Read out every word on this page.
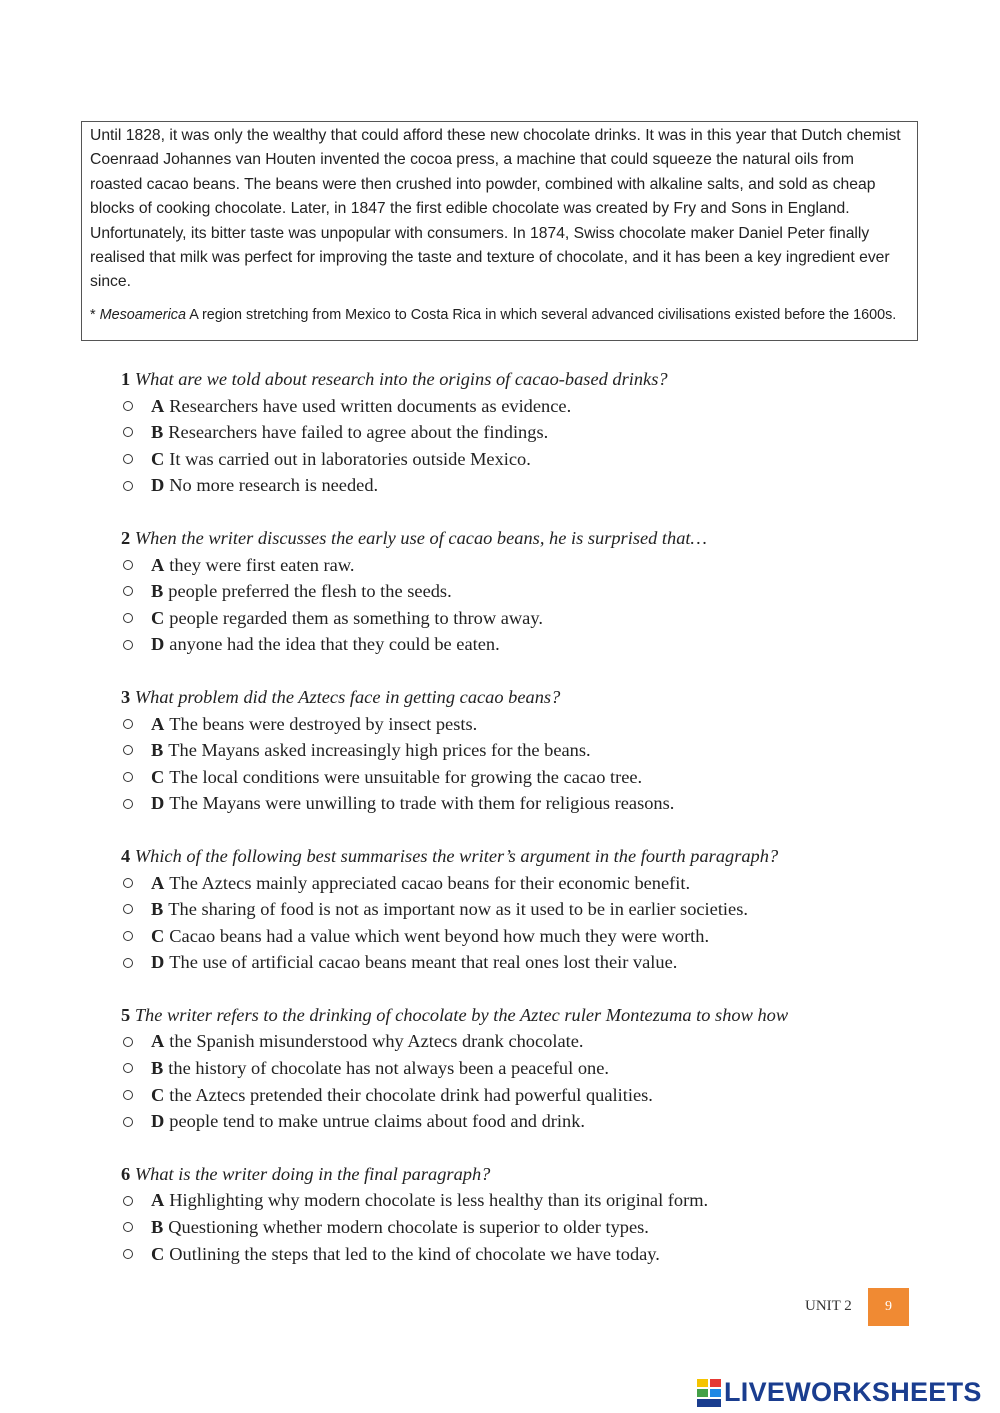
Until 1828, it was only the wealthy that could afford these new chocolate drinks. It was in this year that Dutch chemist Coenraad Johannes van Houten invented the cocoa press, a machine that could squeeze the natural oils from roasted cacao beans. The beans were then crushed into powder, combined with alkaline salts, and sold as cheap blocks of cooking chocolate. Later, in 1847 the first edible chocolate was created by Fry and Sons in England. Unfortunately, its bitter taste was unpopular with consumers. In 1874, Swiss chocolate maker Daniel Peter finally realised that milk was perfect for improving the taste and texture of chocolate, and it has been a key ingredient ever since.

* Mesoamerica A region stretching from Mexico to Costa Rica in which several advanced civilisations existed before the 1600s.

1 What are we told about research into the origins of cacao-based drinks?

A Researchers have used written documents as evidence.
B Researchers have failed to agree about the findings.
C It was carried out in laboratories outside Mexico.
D No more research is needed.

2 When the writer discusses the early use of cacao beans, he is surprised that…

A they were first eaten raw.
B people preferred the flesh to the seeds.
C people regarded them as something to throw away.
D anyone had the idea that they could be eaten.

3 What problem did the Aztecs face in getting cacao beans?

A The beans were destroyed by insect pests.
B The Mayans asked increasingly high prices for the beans.
C The local conditions were unsuitable for growing the cacao tree.
D The Mayans were unwilling to trade with them for religious reasons.

4 Which of the following best summarises the writer’s argument in the fourth paragraph?

A The Aztecs mainly appreciated cacao beans for their economic benefit.
B The sharing of food is not as important now as it used to be in earlier societies.
C Cacao beans had a value which went beyond how much they were worth.
D The use of artificial cacao beans meant that real ones lost their value.

5 The writer refers to the drinking of chocolate by the Aztec ruler Montezuma to show how

A the Spanish misunderstood why Aztecs drank chocolate.
B the history of chocolate has not always been a peaceful one.
C the Aztecs pretended their chocolate drink had powerful qualities.
D people tend to make untrue claims about food and drink.

6 What is the writer doing in the final paragraph?

A Highlighting why modern chocolate is less healthy than its original form.
B Questioning whether modern chocolate is superior to older types.
C Outlining the steps that led to the kind of chocolate we have today.
UNIT 2	9
LIVEWORKSHEETS
